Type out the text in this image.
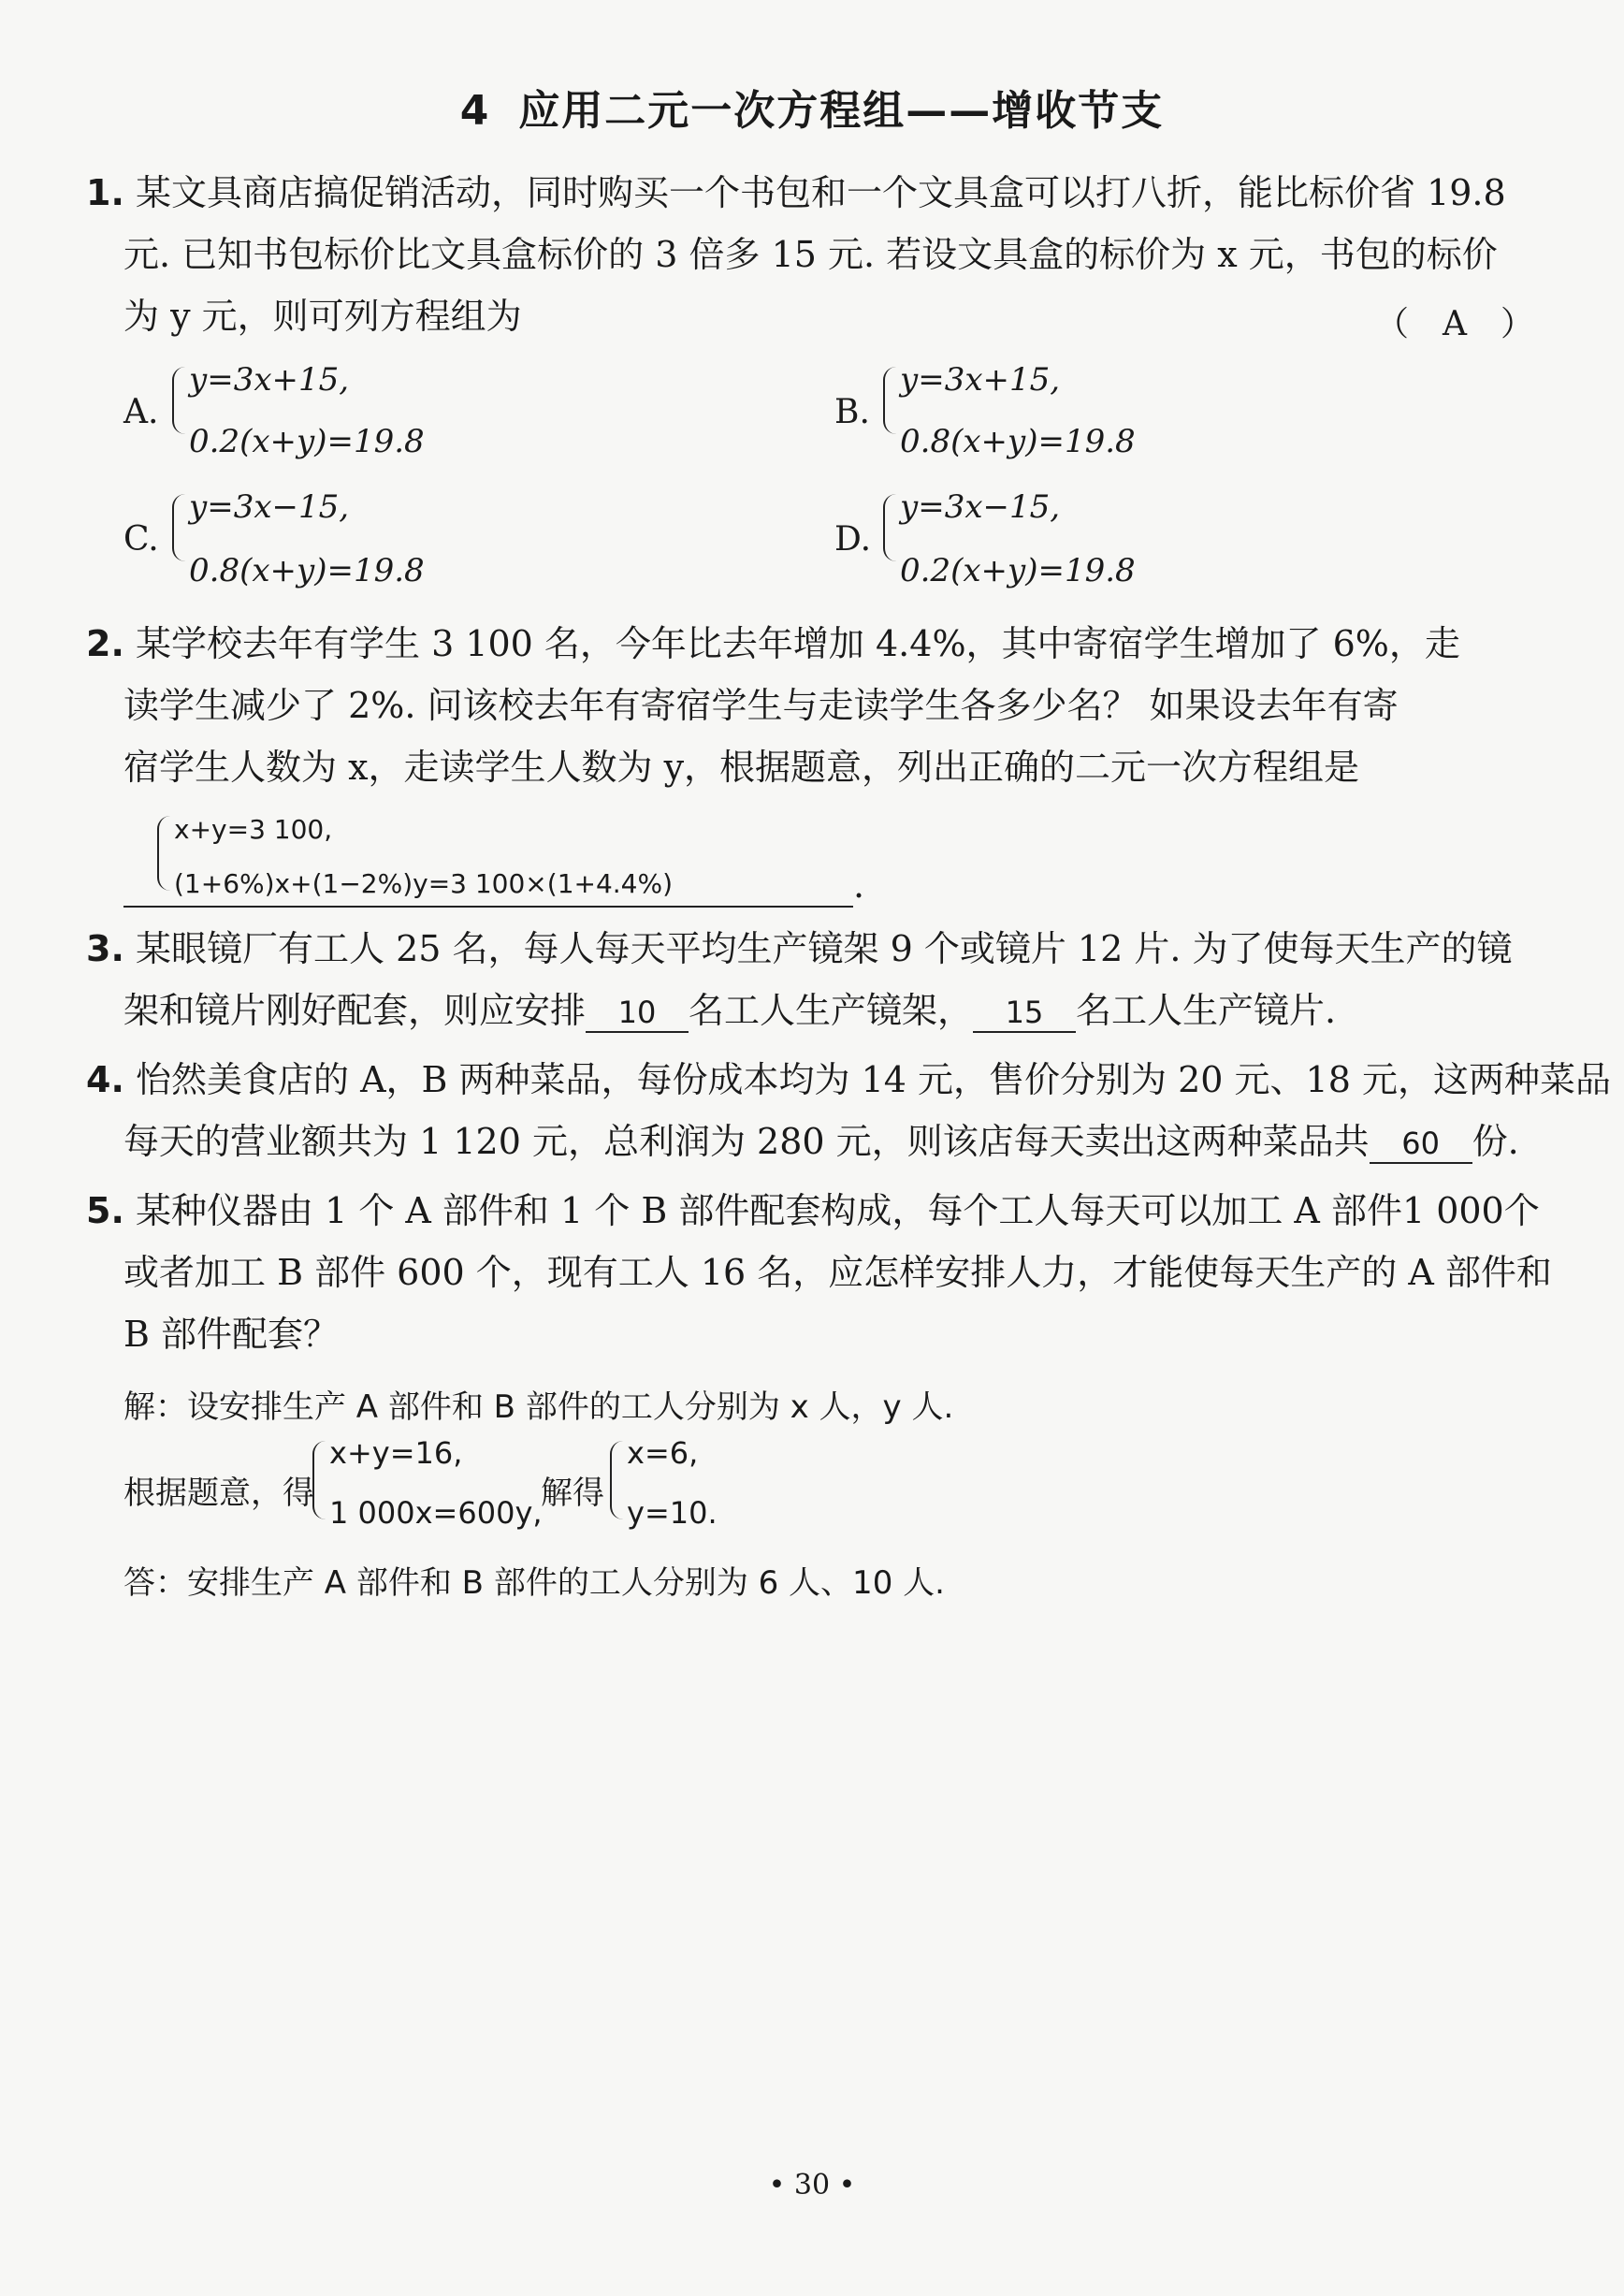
4 应用二元一次方程组——增收节支
1. 某文具商店搞促销活动，同时购买一个书包和一个文具盒可以打八折，能比标价省 19.8
元. 已知书包标价比文具盒标价的 3 倍多 15 元. 若设文具盒的标价为 x 元，书包的标价
为 y 元，则可列方程组为	（　A　）
A.
y=3x+15,
0.2(x+y)=19.8
B.
y=3x+15,
0.8(x+y)=19.8
C.
y=3x−15,
0.8(x+y)=19.8
D.
y=3x−15,
0.2(x+y)=19.8
2. 某学校去年有学生 3 100 名，今年比去年增加 4.4%，其中寄宿学生增加了 6%，走
读学生减少了 2%. 问该校去年有寄宿学生与走读学生各多少名？ 如果设去年有寄
宿学生人数为 x，走读学生人数为 y，根据题意，列出正确的二元一次方程组是
x+y=3 100,
(1+6%)x+(1−2%)y=3 100×(1+4.4%)	.
3. 某眼镜厂有工人 25 名，每人每天平均生产镜架 9 个或镜片 12 片. 为了使每天生产的镜
架和镜片刚好配套，则应安排 10 名工人生产镜架， 15 名工人生产镜片.
4. 怡然美食店的 A，B 两种菜品，每份成本均为 14 元，售价分别为 20 元、18 元，这两种菜品
每天的营业额共为 1 120 元，总利润为 280 元，则该店每天卖出这两种菜品共 60 份.
5. 某种仪器由 1 个 A 部件和 1 个 B 部件配套构成，每个工人每天可以加工 A 部件1 000个
或者加工 B 部件 600 个，现有工人 16 名，应怎样安排人力，才能使每天生产的 A 部件和
B 部件配套？
解：设安排生产 A 部件和 B 部件的工人分别为 x 人，y 人.
根据题意，得
x+y=16,
1 000x=600y,
解得
x=6,
y=10.
答：安排生产 A 部件和 B 部件的工人分别为 6 人、10 人.
• 30 •
